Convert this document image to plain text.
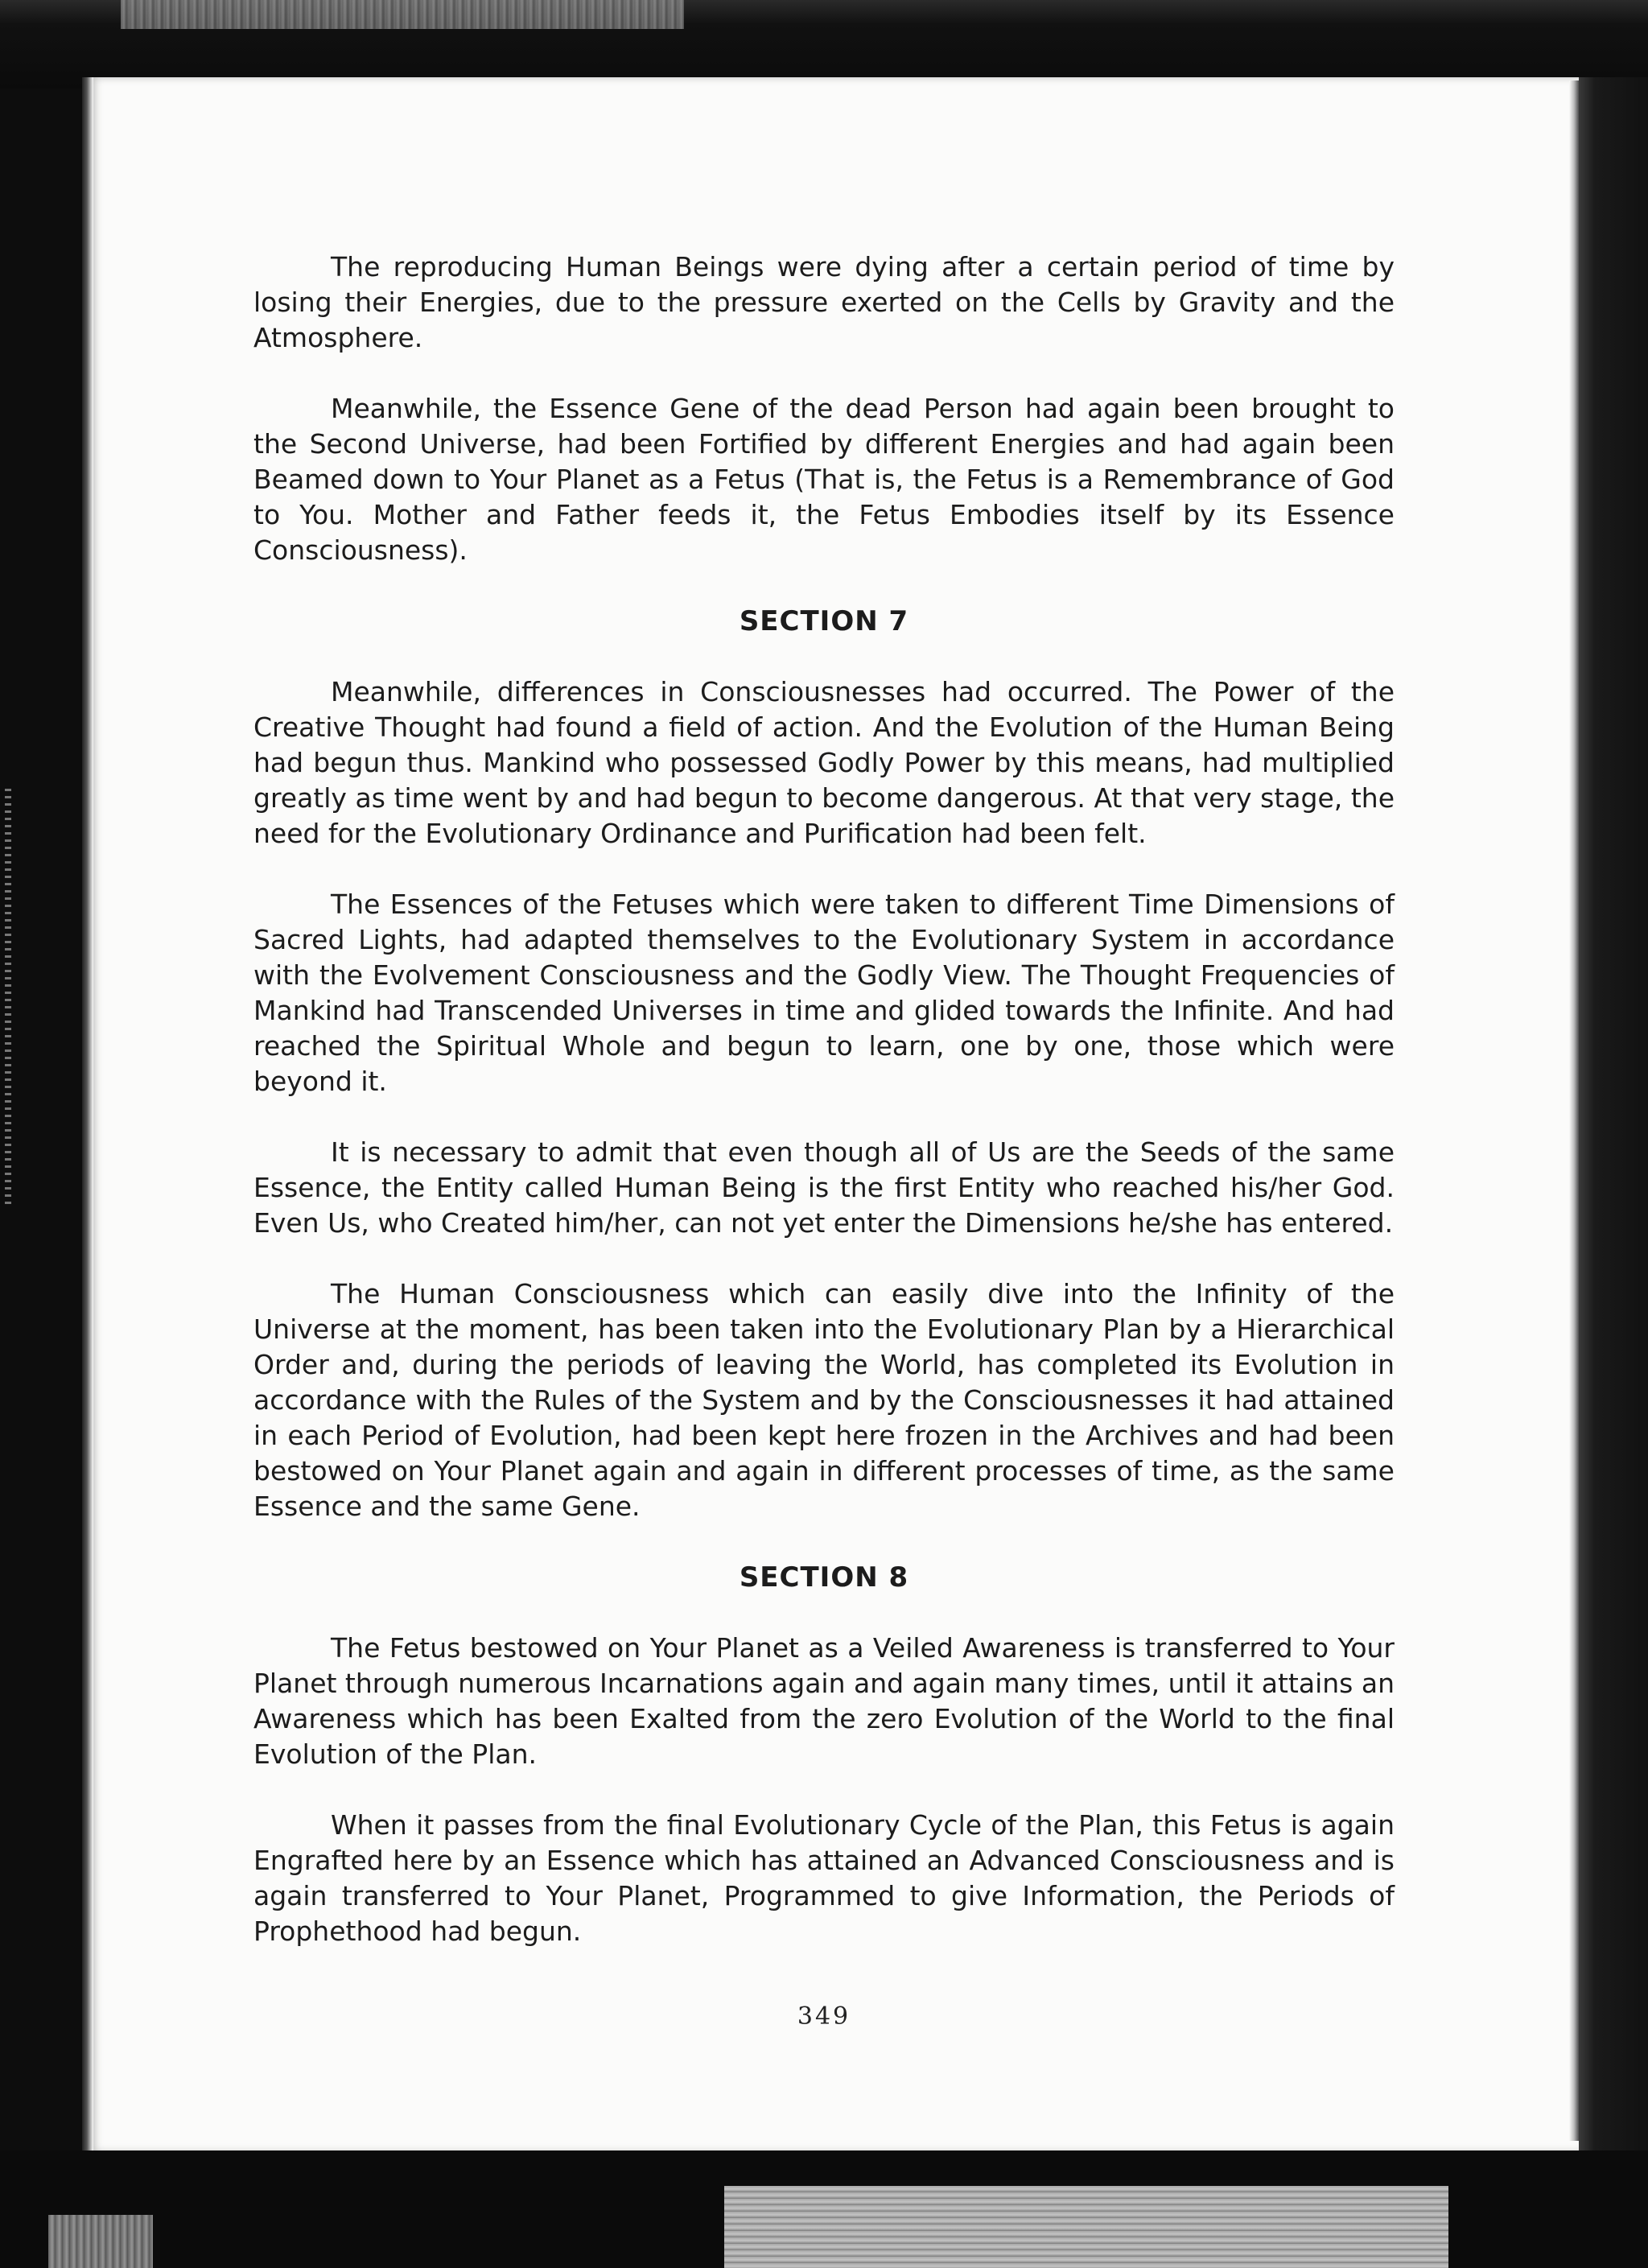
The reproducing Human Beings were dying after a certain period of time by losing their Energies, due to the pressure exerted on the Cells by Gravity and the Atmosphere.

Meanwhile, the Essence Gene of the dead Person had again been brought to the Second Universe, had been Fortified by different Energies and had again been Beamed down to Your Planet as a Fetus (That is, the Fetus is a Remembrance of God to You. Mother and Father feeds it, the Fetus Embodies itself by its Essence Consciousness).

SECTION 7

Meanwhile, differences in Consciousnesses had occurred. The Power of the Creative Thought had found a field of action. And the Evolution of the Human Being had begun thus. Mankind who possessed Godly Power by this means, had multiplied greatly as time went by and had begun to become dangerous. At that very stage, the need for the Evolutionary Ordinance and Purification had been felt.

The Essences of the Fetuses which were taken to different Time Dimensions of Sacred Lights, had adapted themselves to the Evolutionary System in accordance with the Evolvement Consciousness and the Godly View. The Thought Frequencies of Mankind had Transcended Universes in time and glided towards the Infinite. And had reached the Spiritual Whole and begun to learn, one by one, those which were beyond it.

It is necessary to admit that even though all of Us are the Seeds of the same Essence, the Entity called Human Being is the first Entity who reached his/her God. Even Us, who Created him/her, can not yet enter the Dimensions he/she has entered.

The Human Consciousness which can easily dive into the Infinity of the Universe at the moment, has been taken into the Evolutionary Plan by a Hierarchical Order and, during the periods of leaving the World, has completed its Evolution in accordance with the Rules of the System and by the Consciousnesses it had attained in each Period of Evolution, had been kept here frozen in the Archives and had been bestowed on Your Planet again and again in different processes of time, as the same Essence and the same Gene.

SECTION 8

The Fetus bestowed on Your Planet as a Veiled Awareness is transferred to Your Planet through numerous Incarnations again and again many times, until it attains an Awareness which has been Exalted from the zero Evolution of the World to the final Evolution of the Plan.

When it passes from the final Evolutionary Cycle of the Plan, this Fetus is again Engrafted here by an Essence which has attained an Advanced Consciousness and is again transferred to Your Planet, Programmed to give Information, the Periods of Prophethood had begun.

349
